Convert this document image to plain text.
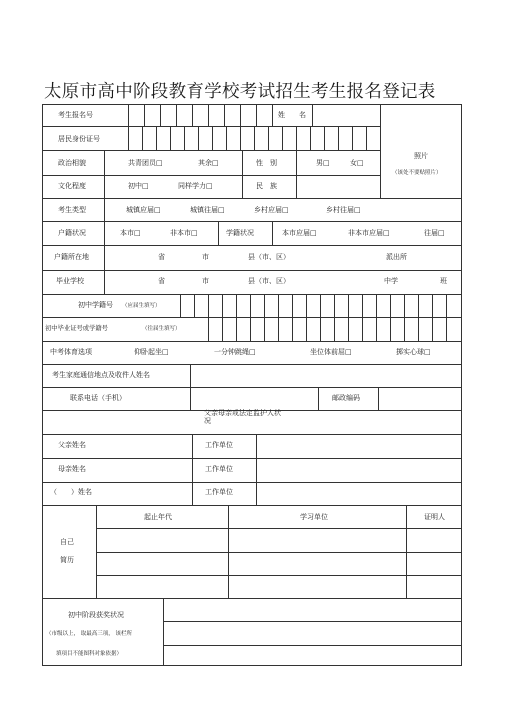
太原市高中阶段教育学校考试招生考生报名登记表
考生报名号	姓　　名
居民身份证号
照片
（该处不要贴照片）
政治相貌	共青团员□	其余□	性　别	男□	女□
文化程度	初中□	同样学力□	民　族
考生类型	城镇应届□	城镇往届□	乡村应届□	乡村往届□
户籍状况	本市□	非本市□	学籍状况	本市应届□	非本市应届□	往届□
户籍所在地	省	市	县（市、区）	派出所
毕业学校	省	市	县（市、区）	中学	班
初中学籍号 （应届生填写）
初中毕业证号或学籍号	（往届生填写）
中考体育选项	仰卧起坐□	一分钟跳绳□	坐位体前屈□	掷实心球□
考生家庭通信地点及收件人姓名
联系电话（手机）	邮政编码
父亲母亲或法定监护人状
况
父亲姓名	工作单位
母亲姓名	工作单位
（　　）姓名	工作单位
自己
简历
起止年代	学习单位	证明人
初中阶段获奖状况
（市级以上， 取最高三项， 该栏所
填项目不能图科对象依据）
